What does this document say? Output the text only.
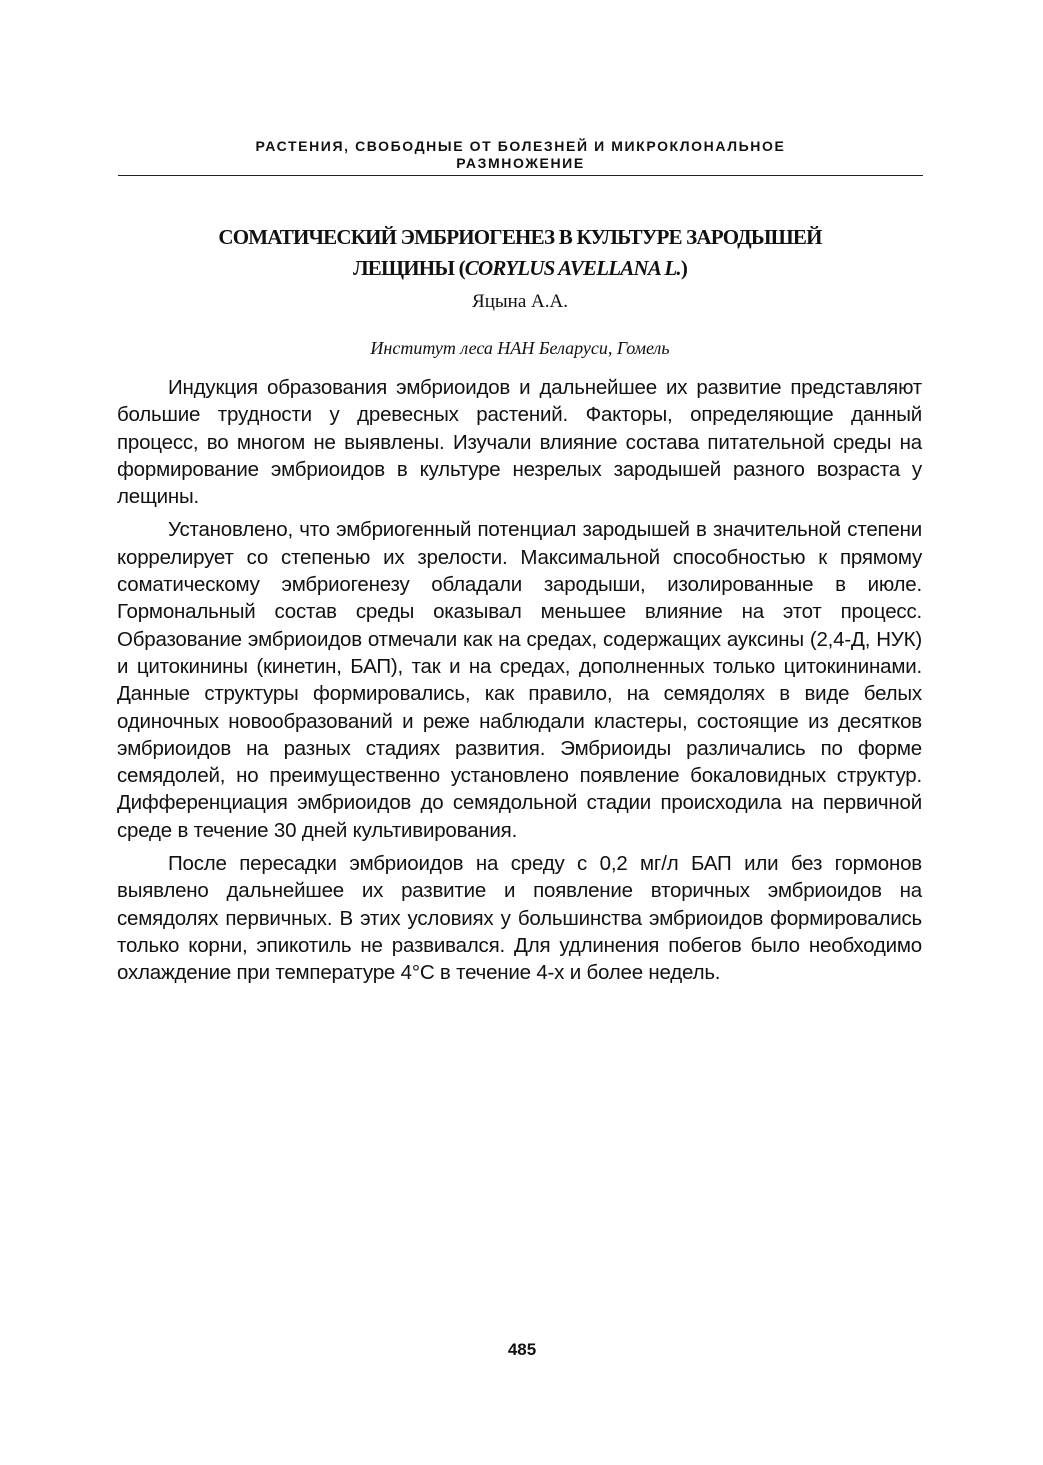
РАСТЕНИЯ, СВОБОДНЫЕ ОТ БОЛЕЗНЕЙ И МИКРОКЛОНАЛЬНОЕ
РАЗМНОЖЕНИЕ
СОМАТИЧЕСКИЙ ЭМБРИОГЕНЕЗ В КУЛЬТУРЕ ЗАРОДЫШЕЙ
ЛЕЩИНЫ (CORYLUS AVELLANA L.)
Яцына А.А.
Институт леса НАН Беларуси, Гомель

Индукция образования эмбриоидов и дальнейшее их развитие представляют большие трудности у древесных растений. Факторы, определяющие данный процесс, во многом не выявлены. Изучали влияние состава питательной среды на формирование эмбриоидов в культуре незрелых зародышей разного возраста у лещины.

Установлено, что эмбриогенный потенциал зародышей в значительной степени коррелирует со степенью их зрелости. Максимальной способностью к прямому соматическому эмбриогенезу обладали зародыши, изолированные в июле. Гормональный состав среды оказывал меньшее влияние на этот процесс. Образование эмбриоидов отмечали как на средах, содержащих ауксины (2,4-Д, НУК) и цитокинины (кинетин, БАП), так и на средах, дополненных только цитокининами. Данные структуры формировались, как правило, на семядолях в виде белых одиночных новообразований и реже наблюдали кластеры, состоящие из десятков эмбриоидов на разных стадиях развития. Эмбриоиды различались по форме семядолей, но преимущественно установлено появление бокаловидных структур. Дифференциация эмбриоидов до семядольной стадии происходила на первичной среде в течение 30 дней культивирования.

После пересадки эмбриоидов на среду с 0,2 мг/л БАП или без гормонов выявлено дальнейшее их развитие и появление вторичных эмбриоидов на семядолях первичных. В этих условиях у большинства эмбриоидов формировались только корни, эпикотиль не развивался. Для удлинения побегов было необходимо охлаждение при температуре 4°С в течение 4-х и более недель.

485
